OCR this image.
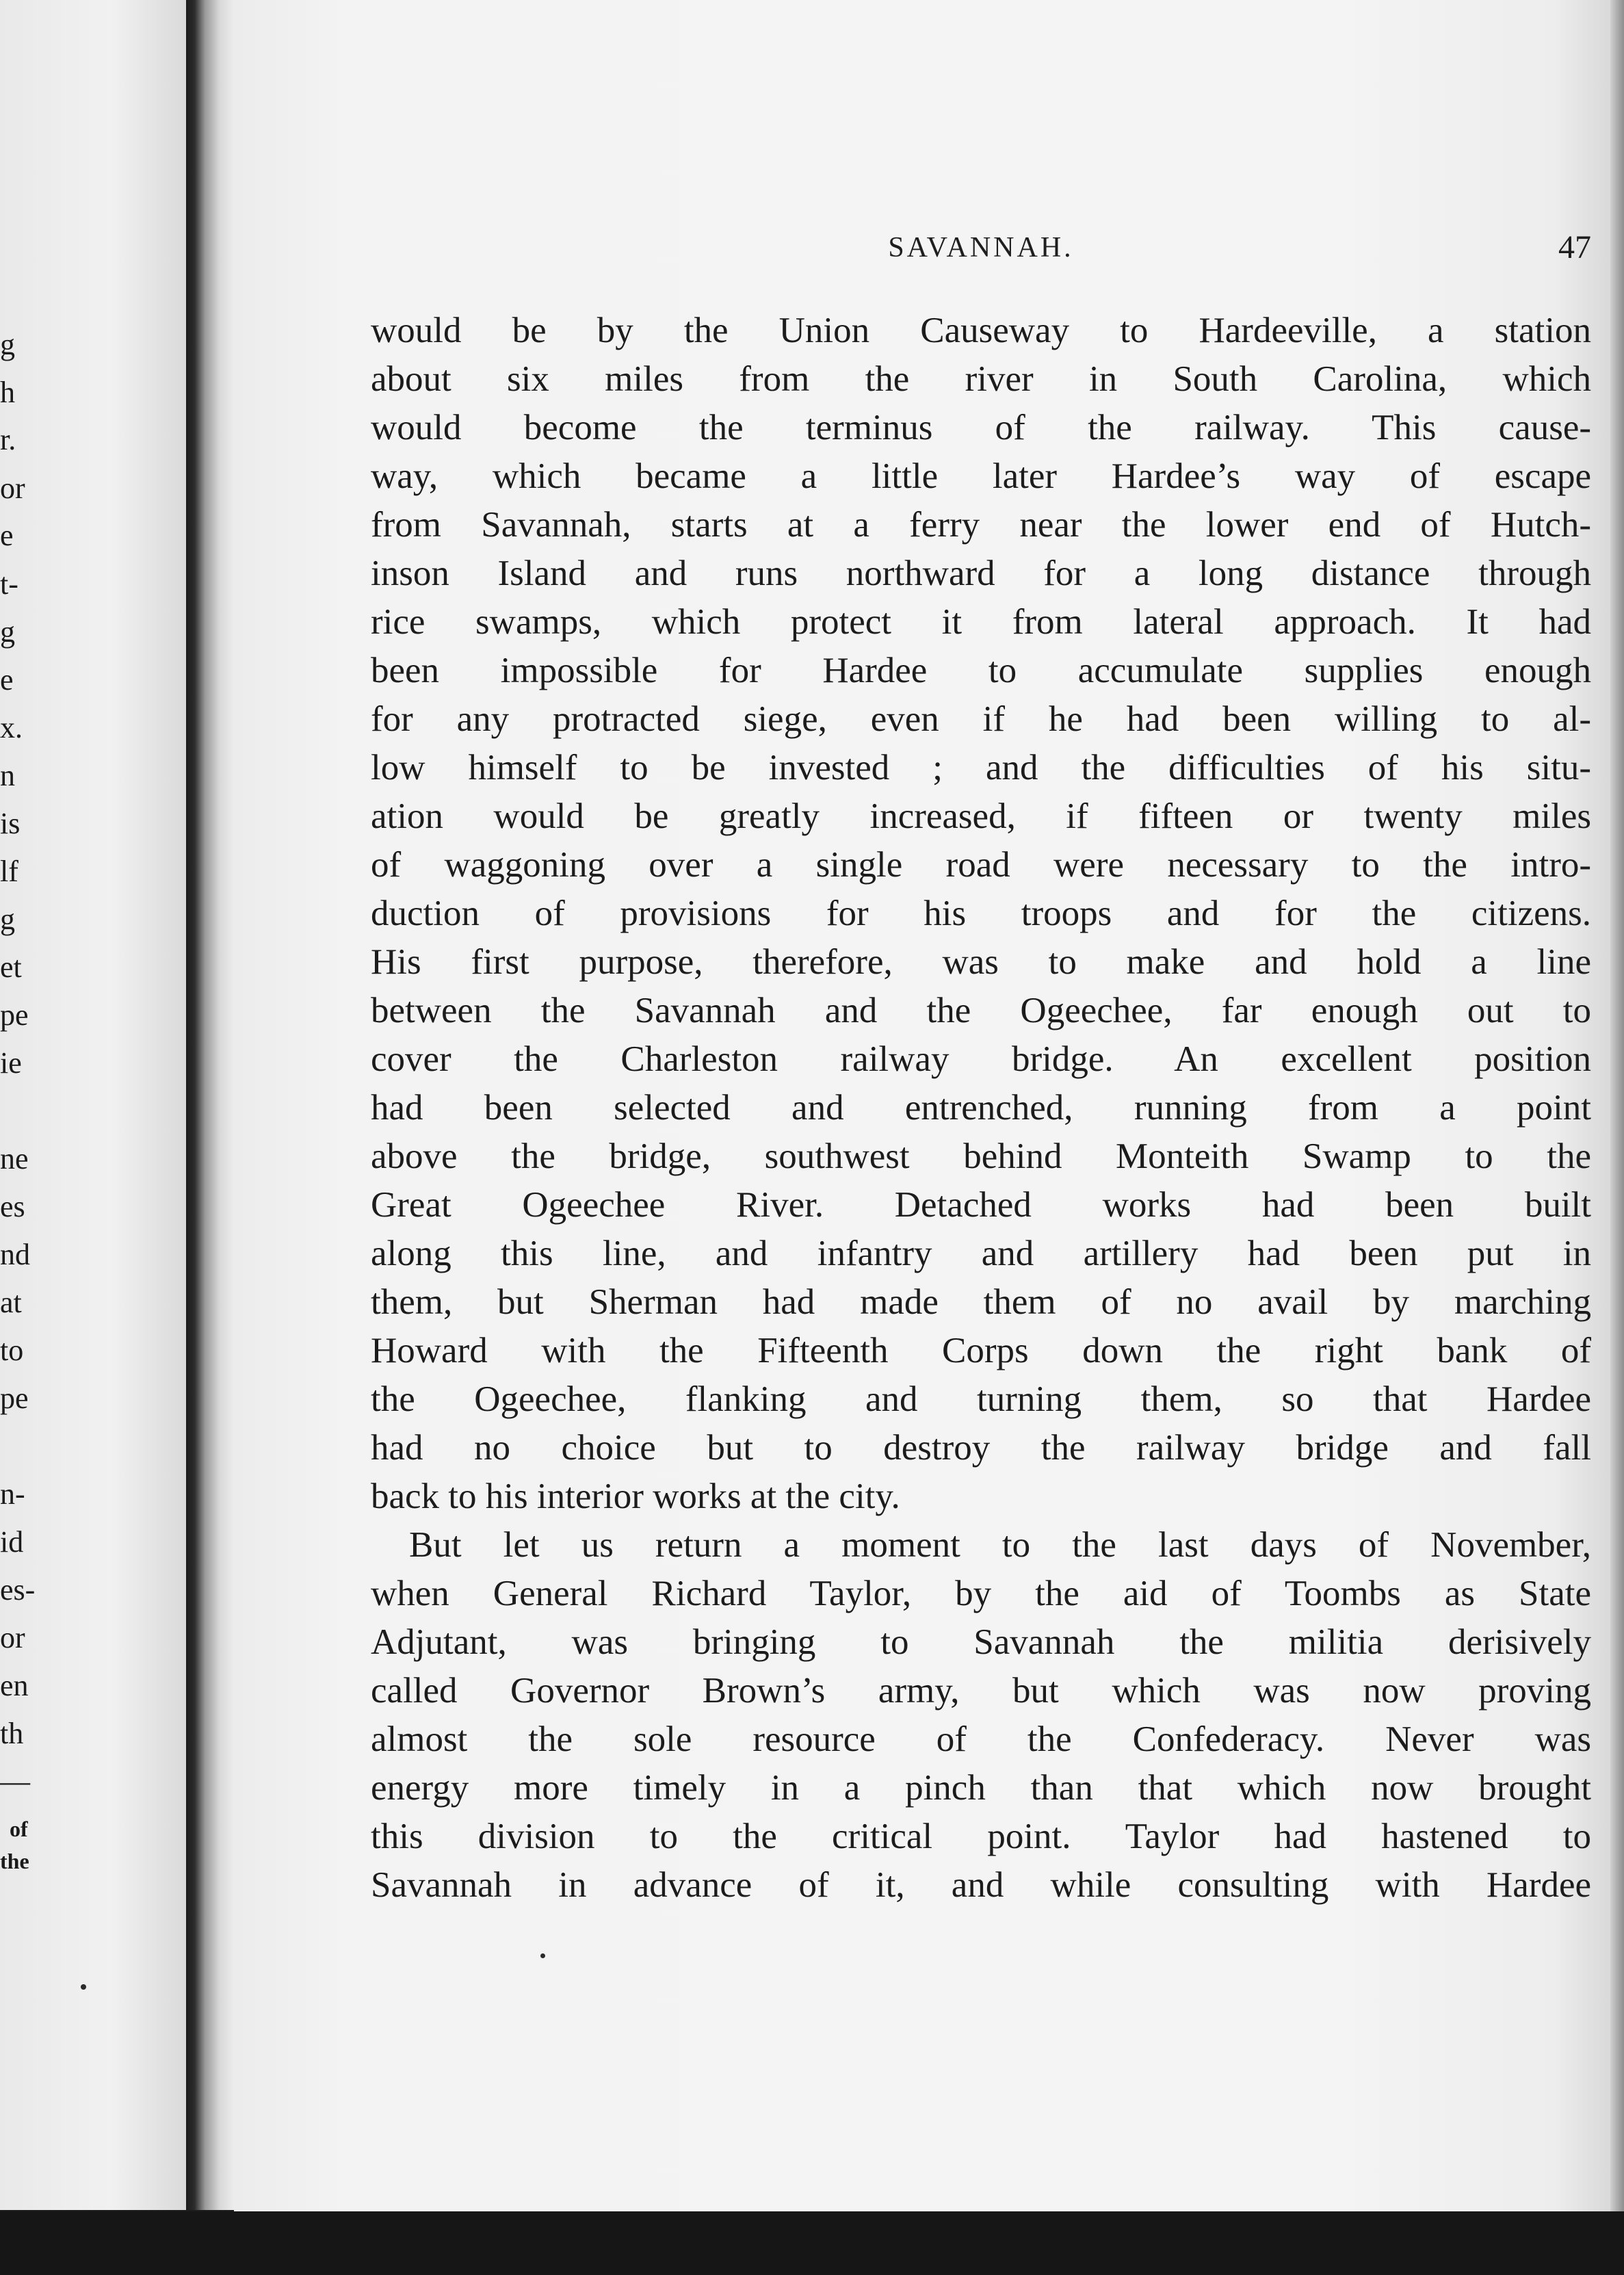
g
h
r.
or
e
t-
g
e
x.
n
is
lf
g
et
pe
ie
ne
es
nd
at
to
pe
n-
id
es-
or
en
th
—
of
the
SAVANNAH.	47
would be by the Union Causeway to Hardeeville, a station
about six miles from the river in South Carolina, which
would become the terminus of the railway. This cause-
way, which became a little later Hardee’s way of escape
from Savannah, starts at a ferry near the lower end of Hutch-
inson Island and runs northward for a long distance through
rice swamps, which protect it from lateral approach. It had
been impossible for Hardee to accumulate supplies enough
for any protracted siege, even if he had been willing to al-
low himself to be invested ; and the difficulties of his situ-
ation would be greatly increased, if fifteen or twenty miles
of waggoning over a single road were necessary to the intro-
duction of provisions for his troops and for the citizens.
His first purpose, therefore, was to make and hold a line
between the Savannah and the Ogeechee, far enough out to
cover the Charleston railway bridge. An excellent position
had been selected and entrenched, running from a point
above the bridge, southwest behind Monteith Swamp to the
Great Ogeechee River. Detached works had been built
along this line, and infantry and artillery had been put in
them, but Sherman had made them of no avail by marching
Howard with the Fifteenth Corps down the right bank of
the Ogeechee, flanking and turning them, so that Hardee
had no choice but to destroy the railway bridge and fall
back to his interior works at the city.
But let us return a moment to the last days of November,
when General Richard Taylor, by the aid of Toombs as State
Adjutant, was bringing to Savannah the militia derisively
called Governor Brown’s army, but which was now proving
almost the sole resource of the Confederacy. Never was
energy more timely in a pinch than that which now brought
this division to the critical point. Taylor had hastened to
Savannah in advance of it, and while consulting with Hardee
